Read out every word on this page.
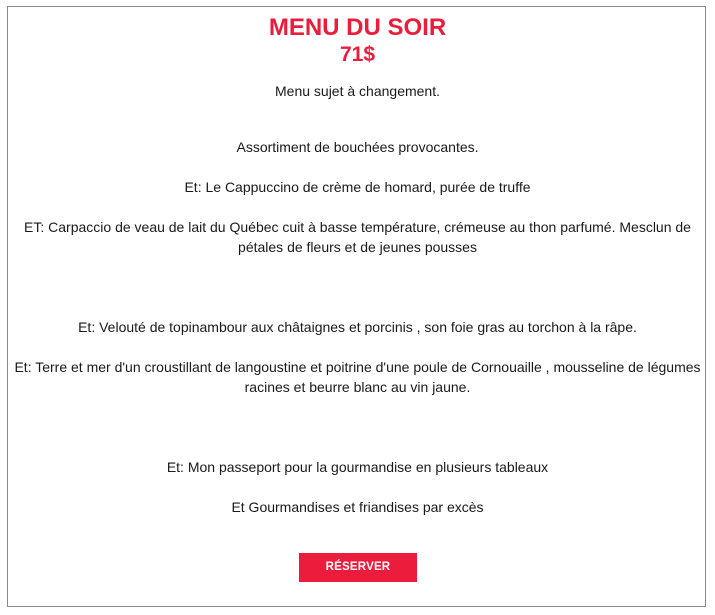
MENU DU SOIR
71$

Menu sujet à changement.

Assortiment de bouchées provocantes.

Et: Le Cappuccino de crème de homard, purée de truffe

ET: Carpaccio de veau de lait du Québec cuit à basse température, crémeuse au thon parfumé. Mesclun de pétales de fleurs et de jeunes pousses

Et: Velouté de topinambour aux châtaignes et porcinis , son foie gras au torchon à la râpe.

Et: Terre et mer d'un croustillant de langoustine et poitrine d'une poule de Cornouaille , mousseline de légumes racines et beurre blanc au vin jaune.

Et: Mon passeport pour la gourmandise en plusieurs tableaux

Et Gourmandises et friandises par excès

RÉSERVER
